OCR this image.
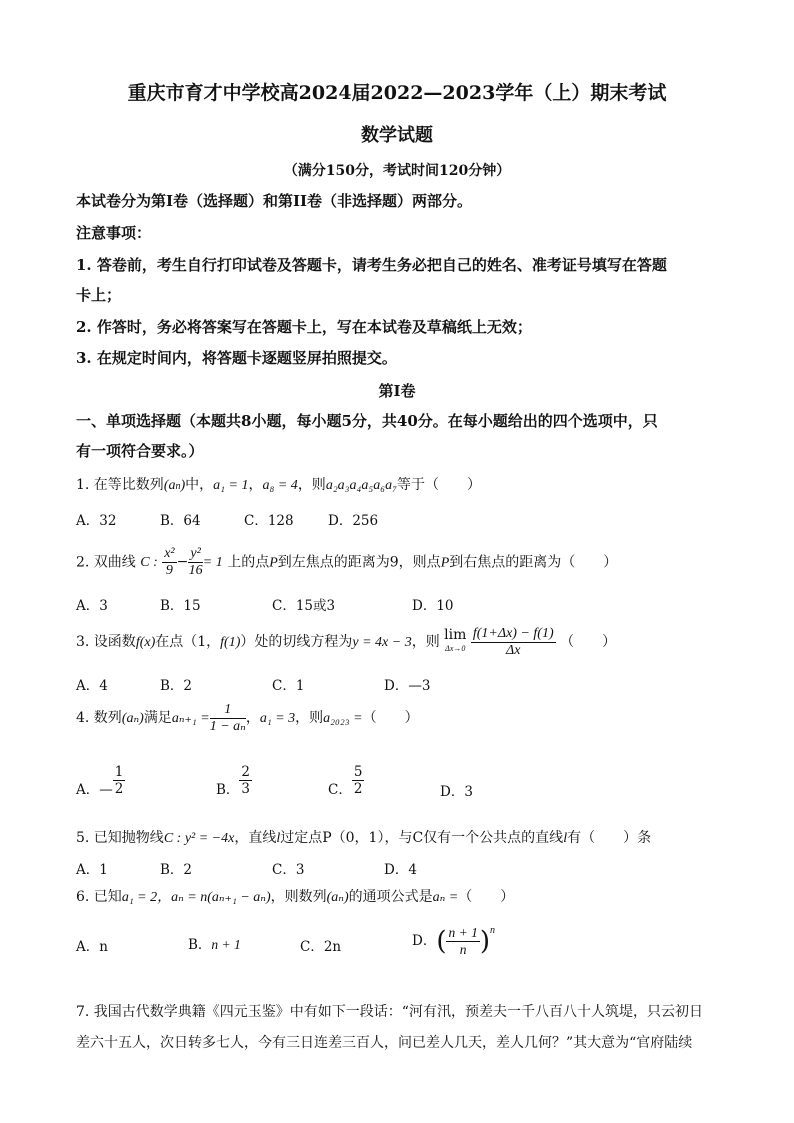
重庆市育才中学校高2024届2022—2023学年（上）期末考试
数学试题
（满分150分，考试时间120分钟）
本试卷分为第I卷（选择题）和第II卷（非选择题）两部分。
注意事项：
1. 答卷前，考生自行打印试卷及答题卡，请考生务必把自己的姓名、准考证号填写在答题
卡上；
2. 作答时，务必将答案写在答题卡上，写在本试卷及草稿纸上无效；
3. 在规定时间内，将答题卡逐题竖屏拍照提交。
第I卷
一、单项选择题（本题共8小题，每小题5分，共40分。在每小题给出的四个选项中，只
有一项符合要求。）
1. 在等比数列(an)中，a₁ = 1，a₈ = 4，则a₂a₃a₄a₅a₆a₇等于（　　）
A．32	B．64	C．128	D．256
2. 双曲线 C : $\frac{\text{x²}}{9} - \frac{\text{y²}}{16} = 1$ 上的点P到左焦点的距离为9，则点P到右焦点的距离为（　　）
A．3	B．15	C．15或3	D．10
3. 设函数f(x)在点（1，f(1)）处的切线方程为y = 4x − 3，则 lim
Δx→0
$\frac{f(1+\Delta x) - f(1)}{\Delta x}$ （　　）
A．4	B．2	C．1	D．—3
4. 数列(aₙ)满足$a_{n+1} = \frac{1}{\text{1 − aₙ}}$ ，a₁ = 3，则a₂₀₂₃ =（　　）
A．— $\frac{1}{2}$	B． $\frac{2}{3}$	C． $\frac{5}{2}$	D．3
5. 已知抛物线C : y² = −4x，直线l过定点P（0，1），与C仅有一个公共点的直线l有（　　）条
A．1	B．2	C．3	D．4
6. 已知a₁ = 2，aₙ = n(aₙ₊₁ − aₙ)，则数列(aₙ)的通项公式是aₙ =（　　）
A．n	B．n + 1	C．2n	D．( $\frac{n + 1}{n} )^n$
7. 我国古代数学典籍《四元玉鉴》中有如下一段话：“河有汛，预差夫一千八百八十人筑堤，只云初日
差六十五人，次日转多七人，今有三日连差三百人，问已差人几天，差人几何？”其大意为“官府陆续
